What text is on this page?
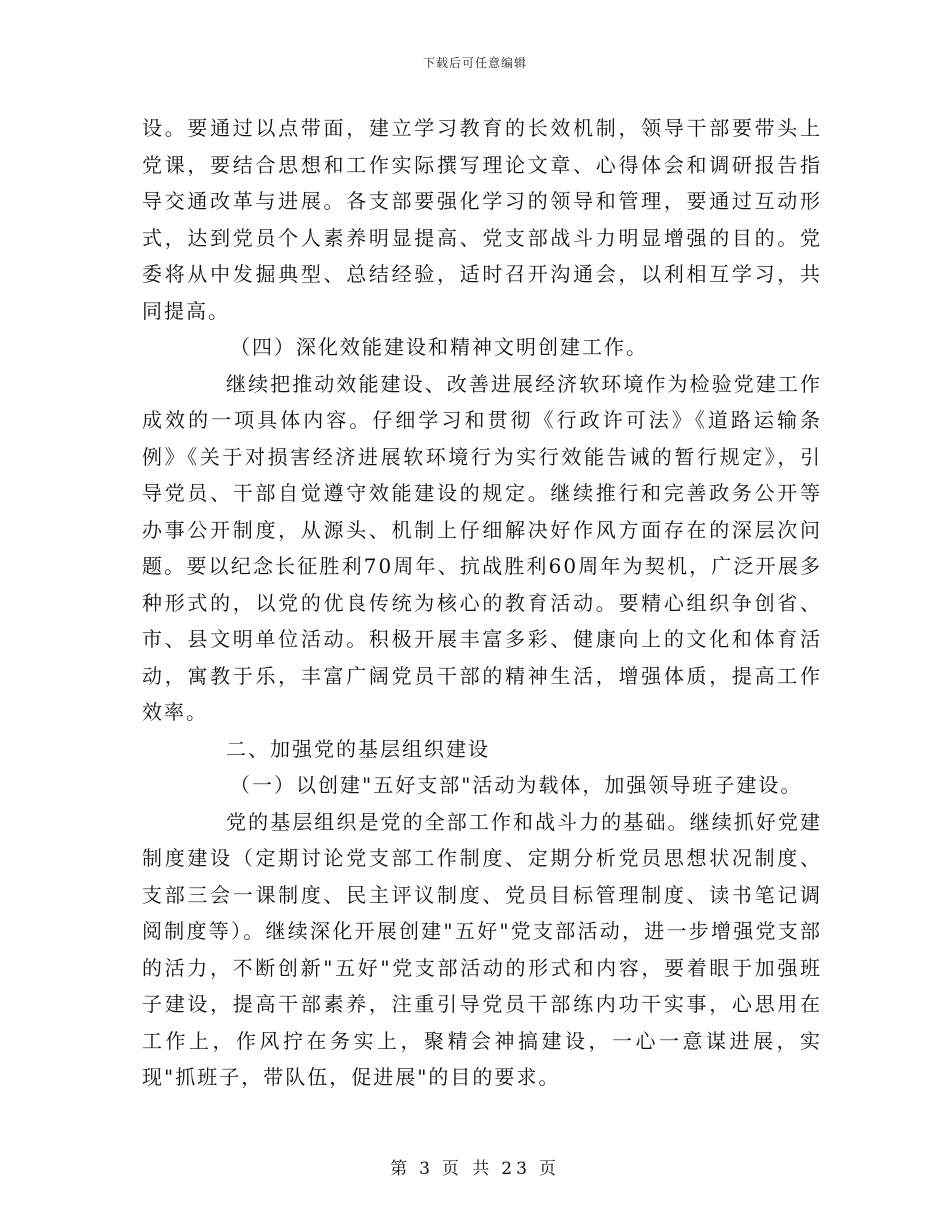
下载后可任意编辑

设。要通过以点带面，建立学习教育的长效机制，领导干部要带头上党课，要结合思想和工作实际撰写理论文章、心得体会和调研报告指导交通改革与进展。各支部要强化学习的领导和管理，要通过互动形式，达到党员个人素养明显提高、党支部战斗力明显增强的目的。党委将从中发掘典型、总结经验，适时召开沟通会，以利相互学习，共同提高。

（四）深化效能建设和精神文明创建工作。

继续把推动效能建设、改善进展经济软环境作为检验党建工作成效的一项具体内容。仔细学习和贯彻《行政许可法》《道路运输条例》《关于对损害经济进展软环境行为实行效能告诫的暂行规定》，引导党员、干部自觉遵守效能建设的规定。继续推行和完善政务公开等办事公开制度，从源头、机制上仔细解决好作风方面存在的深层次问题。要以纪念长征胜利70周年、抗战胜利60周年为契机，广泛开展多种形式的，以党的优良传统为核心的教育活动。要精心组织争创省、市、县文明单位活动。积极开展丰富多彩、健康向上的文化和体育活动，寓教于乐，丰富广阔党员干部的精神生活，增强体质，提高工作效率。

二、加强党的基层组织建设

（一）以创建"五好支部"活动为载体，加强领导班子建设。

党的基层组织是党的全部工作和战斗力的基础。继续抓好党建制度建设（定期讨论党支部工作制度、定期分析党员思想状况制度、支部三会一课制度、民主评议制度、党员目标管理制度、读书笔记调阅制度等）。继续深化开展创建"五好"党支部活动，进一步增强党支部的活力，不断创新"五好"党支部活动的形式和内容，要着眼于加强班子建设，提高干部素养，注重引导党员干部练内功干实事，心思用在工作上，作风拧在务实上，聚精会神搞建设，一心一意谋进展，实现"抓班子，带队伍，促进展"的目的要求。

第 3 页 共 23 页
